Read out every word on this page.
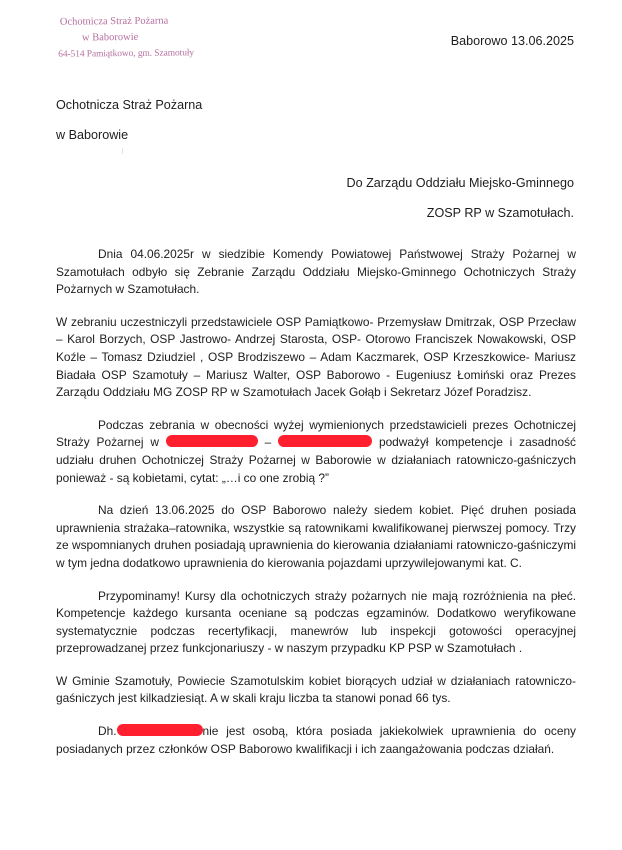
Ochotnicza Straż Pożarna
w Baborowie
64-514 Pamiątkowo, gm. Szamotuły
Baborowo 13.06.2025
Ochotnicza Straż Pożarna
w Baborowie
Do Zarządu Oddziału Miejsko-Gminnego
ZOSP RP w Szamotułach.

Dnia 04.06.2025r w siedzibie Komendy Powiatowej Państwowej Straży Pożarnej w Szamotułach odbyło się Zebranie Zarządu Oddziału Miejsko-Gminnego Ochotniczych Straży Pożarnych w Szamotułach.

W zebraniu uczestniczyli przedstawiciele OSP Pamiątkowo- Przemysław Dmitrzak, OSP Przecław – Karol Borzych, OSP Jastrowo- Andrzej Starosta, OSP- Otorowo Franciszek Nowakowski, OSP Koźle – Tomasz Dziudziel , OSP Brodziszewo – Adam Kaczmarek, OSP Krzeszkowice- Mariusz Biadała OSP Szamotuły – Mariusz Walter, OSP Baborowo - Eugeniusz Łomiński oraz Prezes Zarządu Oddziału MG ZOSP RP w Szamotułach Jacek Gołąb i Sekretarz Józef Poradzisz.

Podczas zebrania w obecności wyżej wymienionych przedstawicieli prezes Ochotniczej Straży Pożarnej w	–	podważył kompetencje i zasadność udziału druhen Ochotniczej Straży Pożarnej w Baborowie w działaniach ratowniczo-gaśniczych ponieważ - są kobietami, cytat: „…i co one zrobią ?”

Na dzień 13.06.2025 do OSP Baborowo należy siedem kobiet. Pięć druhen posiada uprawnienia strażaka–ratownika, wszystkie są ratownikami kwalifikowanej pierwszej pomocy. Trzy ze wspomnianych druhen posiadają uprawnienia do kierowania działaniami ratowniczo-gaśniczymi w tym jedna dodatkowo uprawnienia do kierowania pojazdami uprzywilejowanymi kat. C.

Przypominamy! Kursy dla ochotniczych straży pożarnych nie mają rozróżnienia na płeć. Kompetencje każdego kursanta oceniane są podczas egzaminów. Dodatkowo weryfikowane systematycznie podczas recertyfikacji, manewrów lub inspekcji gotowości operacyjnej przeprowadzanej przez funkcjonariuszy - w naszym przypadku KP PSP w Szamotułach .

W Gminie Szamotuły, Powiecie Szamotulskim kobiet biorących udział w działaniach ratowniczo- gaśniczych jest kilkadziesiąt. A w skali kraju liczba ta stanowi ponad 66 tys.

Dh.	nie jest osobą, która posiada jakiekolwiek uprawnienia do oceny posiadanych przez członków OSP Baborowo kwalifikacji i ich zaangażowania podczas działań.
